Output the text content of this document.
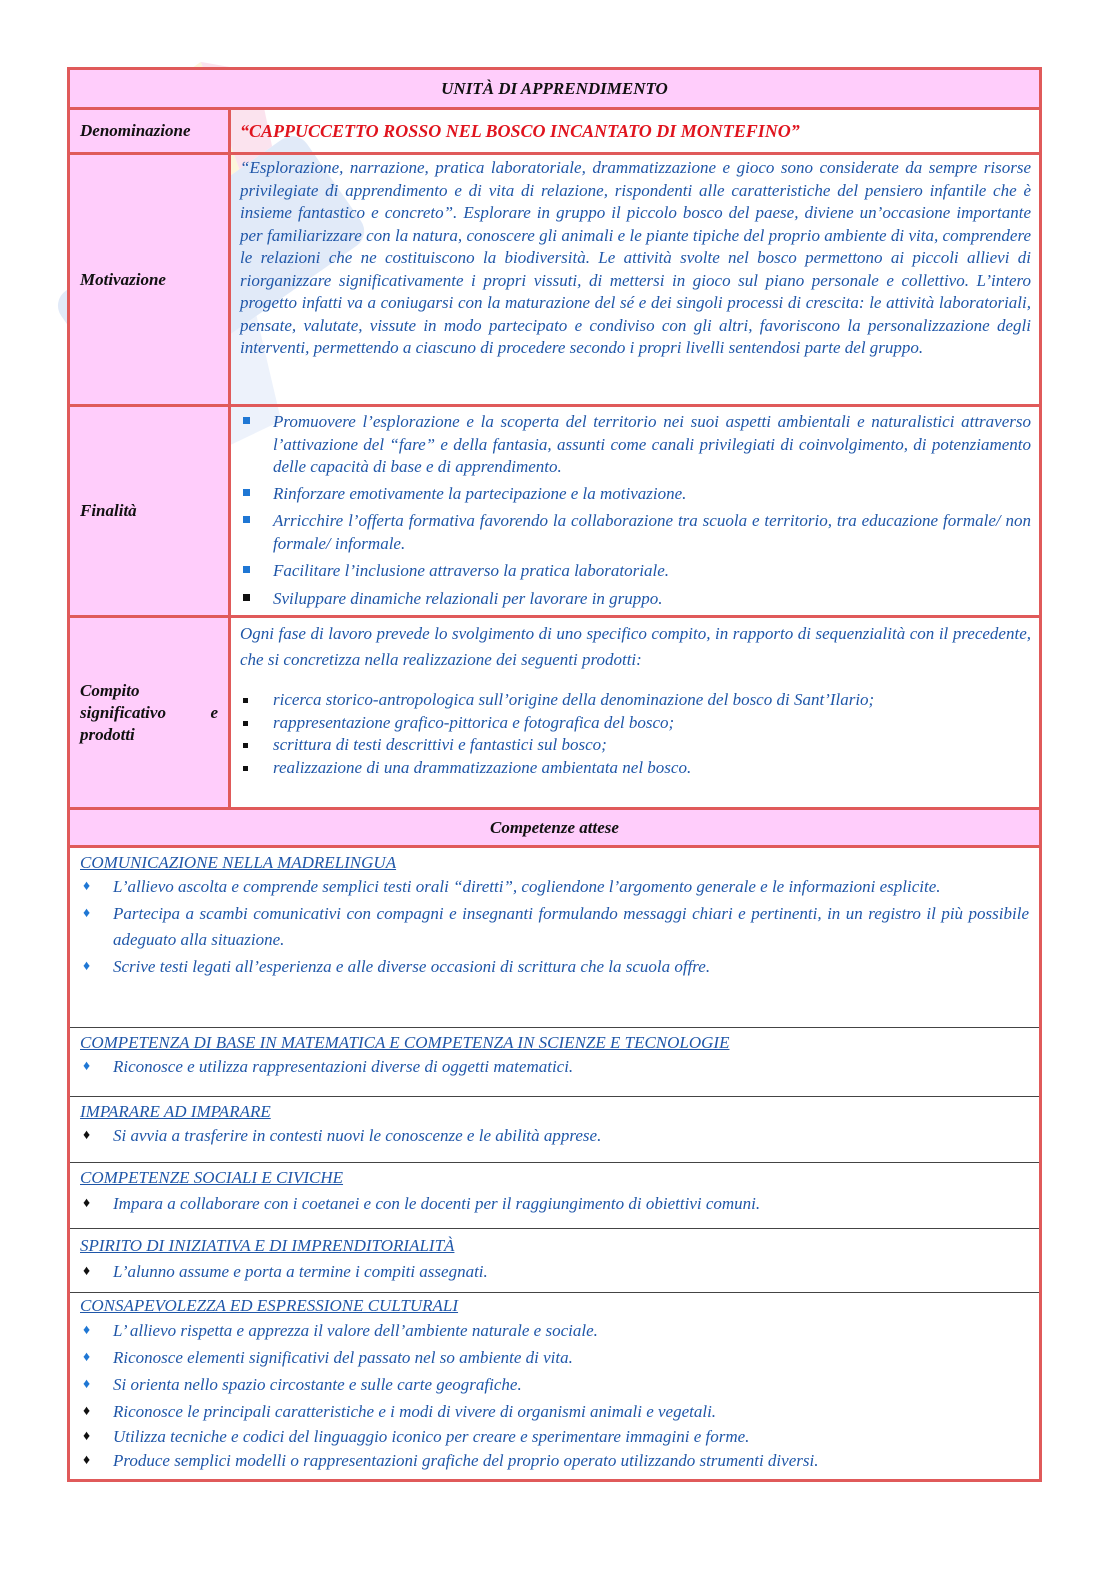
UNITÀ DI APPRENDIMENTO
Denominazione	“CAPPUCCETTO ROSSO NEL BOSCO INCANTATO DI MONTEFINO”
Motivazione
“Esplorazione, narrazione, pratica laboratoriale, drammatizzazione e gioco sono considerate da sempre risorse privilegiate di apprendimento e di vita di relazione, rispondenti alle caratteristiche del pensiero infantile che è insieme fantastico e concreto”. Esplorare in gruppo il piccolo bosco del paese, diviene un’occasione importante per familiarizzare con la natura, conoscere gli animali e le piante tipiche del proprio ambiente di vita, comprendere le relazioni che ne costituiscono la biodiversità. Le attività svolte nel bosco permettono ai piccoli allievi di riorganizzare significativamente i propri vissuti, di mettersi in gioco sul piano personale e collettivo. L’intero progetto infatti va a coniugarsi con la maturazione del sé e dei singoli processi di crescita: le attività laboratoriali, pensate, valutate, vissute in modo partecipato e condiviso con gli altri, favoriscono la personalizzazione degli interventi, permettendo a ciascuno di procedere secondo i propri livelli sentendosi parte del gruppo.
Finalità
Promuovere l’esplorazione e la scoperta del territorio nei suoi aspetti ambientali e naturalistici attraverso l’attivazione del “fare” e della fantasia, assunti come canali privilegiati di coinvolgimento, di potenziamento delle capacità di base e di apprendimento.
Rinforzare emotivamente la partecipazione e la motivazione.
Arricchire l’offerta formativa favorendo la collaborazione tra scuola e territorio, tra educazione formale/ non formale/ informale.
Facilitare l’inclusione attraverso la pratica laboratoriale.
Sviluppare dinamiche relazionali per lavorare in gruppo.
Compito
significativo	e
prodotti
Ogni fase di lavoro prevede lo svolgimento di uno specifico compito, in rapporto di sequenzialità con il precedente, che si concretizza nella realizzazione dei seguenti prodotti:
ricerca storico-antropologica sull’origine della denominazione del bosco di Sant’Ilario;
rappresentazione grafico-pittorica e fotografica del bosco;
scrittura di testi descrittivi e fantastici sul bosco;
realizzazione di una drammatizzazione ambientata nel bosco.
Competenze attese
COMUNICAZIONE NELLA MADRELINGUA
♦ L’allievo ascolta e comprende semplici testi orali “diretti”, cogliendone l’argomento generale e le informazioni esplicite.
♦ Partecipa a scambi comunicativi con compagni e insegnanti formulando messaggi chiari e pertinenti, in un registro il più possibile adeguato alla situazione.
♦ Scrive testi legati all’esperienza e alle diverse occasioni di scrittura che la scuola offre.
COMPETENZA DI BASE IN MATEMATICA E COMPETENZA IN SCIENZE E TECNOLOGIE
♦ Riconosce e utilizza rappresentazioni diverse di oggetti matematici.
IMPARARE AD IMPARARE
♦ Si avvia a trasferire in contesti nuovi le conoscenze e le abilità apprese.
COMPETENZE SOCIALI E CIVICHE
♦ Impara a collaborare con i coetanei e con le docenti per il raggiungimento di obiettivi comuni.
SPIRITO DI INIZIATIVA E DI IMPRENDITORIALITÀ
♦ L’alunno assume e porta a termine i compiti assegnati.
CONSAPEVOLEZZA ED ESPRESSIONE CULTURALI
♦ L’ allievo rispetta e apprezza il valore dell’ambiente naturale e sociale.
♦ Riconosce elementi significativi del passato nel so ambiente di vita.
♦ Si orienta nello spazio circostante e sulle carte geografiche.
♦ Riconosce le principali caratteristiche e i modi di vivere di organismi animali e vegetali.
♦ Utilizza tecniche e codici del linguaggio iconico per creare e sperimentare immagini e forme.
♦ Produce semplici modelli o rappresentazioni grafiche del proprio operato utilizzando strumenti diversi.
